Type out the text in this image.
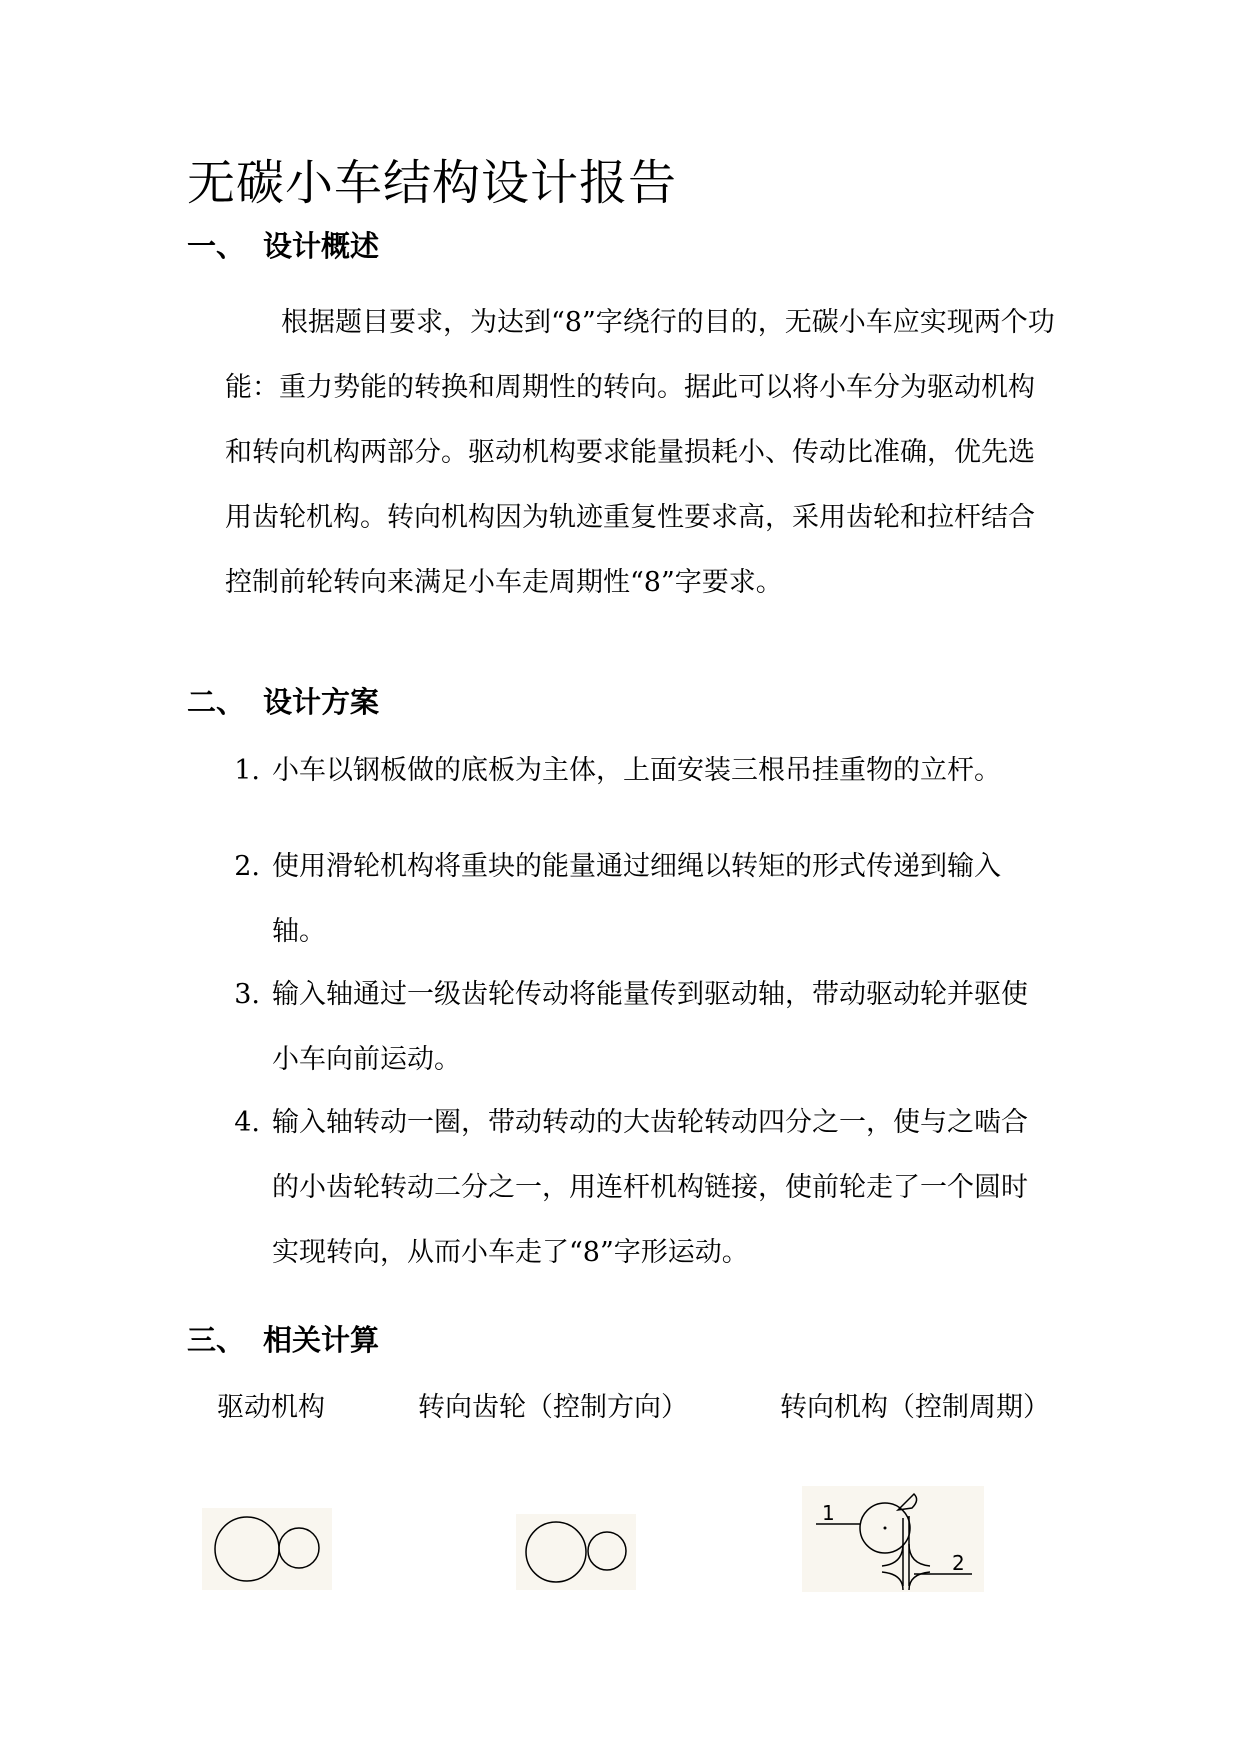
无碳小车结构设计报告
一、 设计概述

根据题目要求，为达到“8”字绕行的目的，无碳小车应实现两个功能：重力势能的转换和周期性的转向。据此可以将小车分为驱动机构和转向机构两部分。驱动机构要求能量损耗小、传动比准确，优先选用齿轮机构。转向机构因为轨迹重复性要求高，采用齿轮和拉杆结合控制前轮转向来满足小车走周期性“8”字要求。

二、 设计方案
1. 小车以钢板做的底板为主体，上面安装三根吊挂重物的立杆。
2. 使用滑轮机构将重块的能量通过细绳以转矩的形式传递到输入轴。
3. 输入轴通过一级齿轮传动将能量传到驱动轴，带动驱动轮并驱使小车向前运动。
4. 输入轴转动一圈，带动转动的大齿轮转动四分之一，使与之啮合的小齿轮转动二分之一，用连杆机构链接，使前轮走了一个圆时实现转向，从而小车走了“8”字形运动。
三、 相关计算
驱动机构	转向齿轮（控制方向）	转向机构（控制周期）
1
2
